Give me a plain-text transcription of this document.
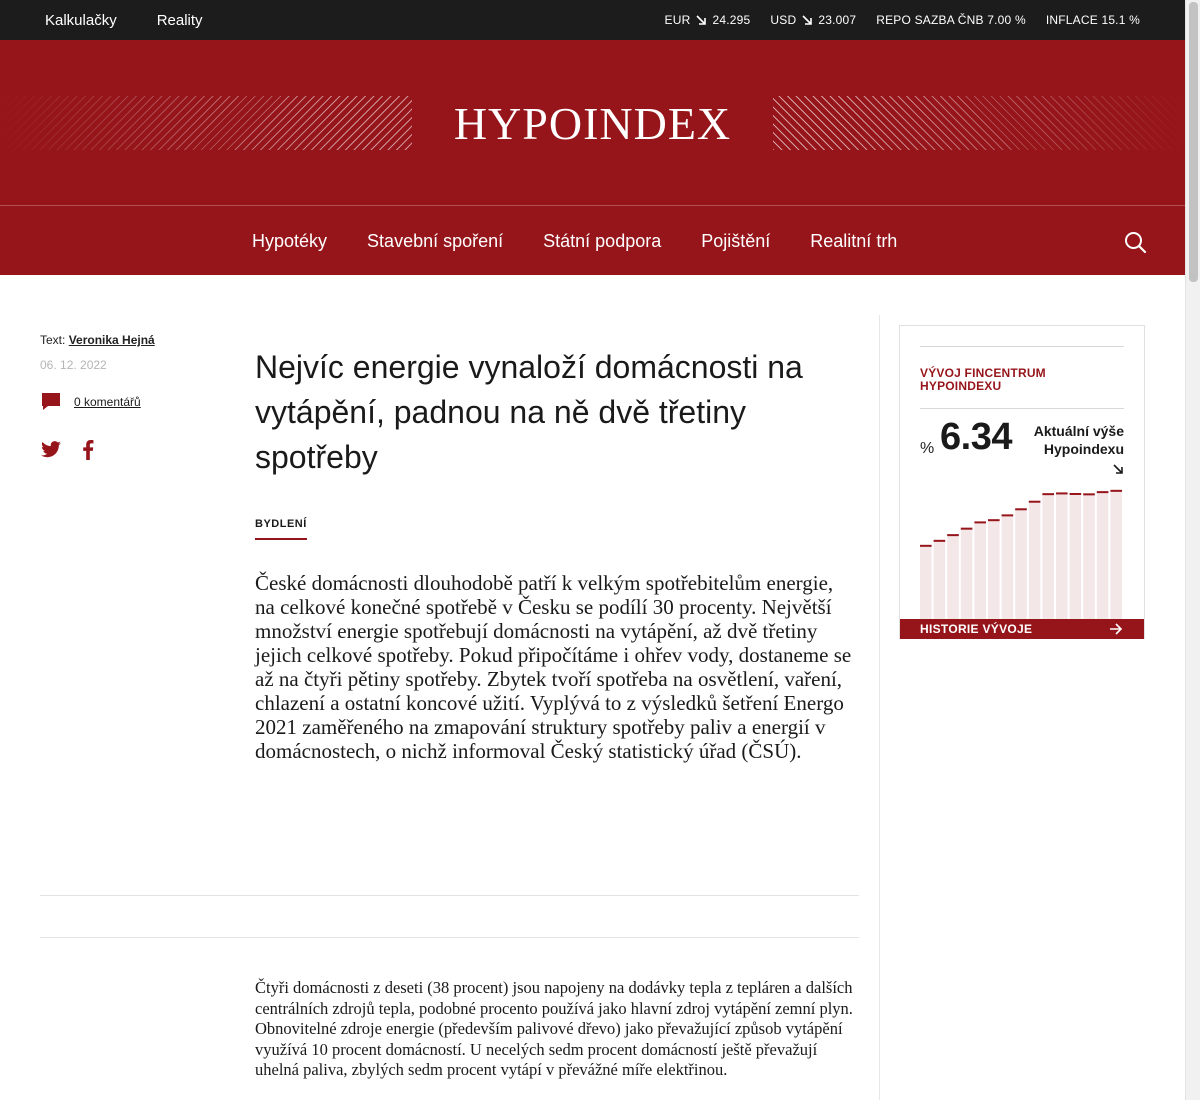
Kalkulačky	Reality	EUR 24.295 USD 23.007 REPO SAZBA ČNB 7.00 % INFLACE 15.1 %
HYPOINDEX
Hypotéky Stavební spoření Státní podpora Pojištění Realitní trh
Text: Veronika Hejná
06. 12. 2022
0 komentářů
Nejvíc energie vynaloží domácnosti na vytápění, padnou na ně dvě třetiny spotřeby
BYDLENÍ

České domácnosti dlouhodobě patří k velkým spotřebitelům energie, na celkové konečné spotřebě v Česku se podílí 30 procenty. Největší množství energie spotřebují domácnosti na vytápění, až dvě třetiny jejich celkové spotřeby. Pokud připočítáme i ohřev vody, dostaneme se až na čtyři pětiny spotřeby. Zbytek tvoří spotřeba na osvětlení, vaření, chlazení a ostatní koncové užití. Vyplývá to z výsledků šetření Energo 2021 zaměřeného na zmapování struktury spotřeby paliv a energií v domácnostech, o nichž informoval Český statistický úřad (ČSÚ).

Čtyři domácnosti z deseti (38 procent) jsou napojeny na dodávky tepla z tepláren a dalších centrálních zdrojů tepla, podobné procento používá jako hlavní zdroj vytápění zemní plyn. Obnovitelné zdroje energie (především palivové dřevo) jako převažující způsob vytápění využívá 10 procent domácností. U necelých sedm procent domácností ještě převažují uhelná paliva, zbylých sedm procent vytápí v převážné míře elektřinou.

VÝVOJ FINCENTRUM HYPOINDEXU
% 6.34	Aktuální výše Hypoindexu
HISTORIE VÝVOJE
